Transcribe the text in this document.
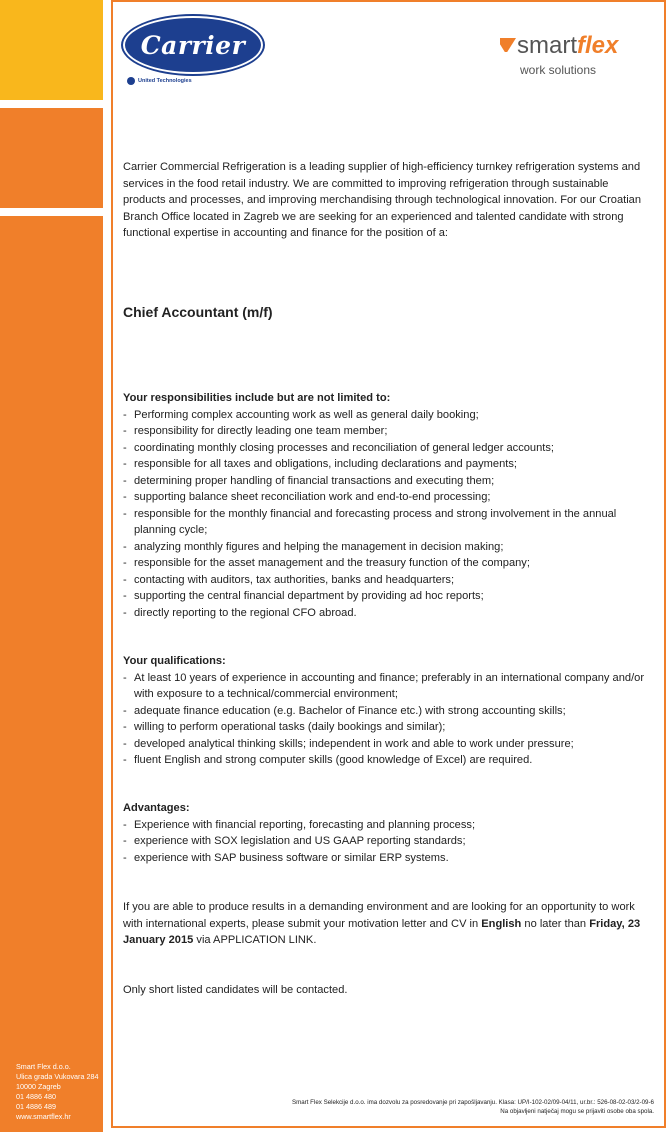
Carrier
United Technologies
smartflex
work solutions

Carrier Commercial Refrigeration is a leading supplier of high-efficiency turnkey refrigeration systems and services in the food retail industry. We are committed to improving refrigeration through sustainable products and processes, and improving merchandising through technological innovation. For our Croatian Branch Office located in Zagreb we are seeking for an experienced and talented candidate with strong functional expertise in accounting and finance for the position of a:

Chief Accountant (m/f)

Your responsibilities include but are not limited to:

- Performing complex accounting work as well as general daily booking;
- responsibility for directly leading one team member;
- coordinating monthly closing processes and reconciliation of general ledger accounts;
- responsible for all taxes and obligations, including declarations and payments;
- determining proper handling of financial transactions and executing them;
- supporting balance sheet reconciliation work and end-to-end processing;
- responsible for the monthly financial and forecasting process and strong involvement in the annual planning cycle;
- analyzing monthly figures and helping the management in decision making;
- responsible for the asset management and the treasury function of the company;
- contacting with auditors, tax authorities, banks and headquarters;
- supporting the central financial department by providing ad hoc reports;
- directly reporting to the regional CFO abroad.

Your qualifications:

- At least 10 years of experience in accounting and finance; preferably in an international company and/or with exposure to a technical/commercial environment;
- adequate finance education (e.g. Bachelor of Finance etc.) with strong accounting skills;
- willing to perform operational tasks (daily bookings and similar);
- developed analytical thinking skills; independent in work and able to work under pressure;
- fluent English and strong computer skills (good knowledge of Excel) are required.

Advantages:

- Experience with financial reporting, forecasting and planning process;
- experience with SOX legislation and US GAAP reporting standards;
- experience with SAP business software or similar ERP systems.

If you are able to produce results in a demanding environment and are looking for an opportunity to work with international experts, please submit your motivation letter and CV in English no later than Friday, 23 January 2015 via APPLICATION LINK.

Only short listed candidates will be contacted.

Smart Flex d.o.o.
Ulica grada Vukovara 284
10000 Zagreb
01 4886 480
01 4886 489
www.smartflex.hr
Smart Flex Selekcije d.o.o. ima dozvolu za posredovanje pri zapošljavanju. Klasa: UP/I-102-02/09-04/11, ur.br.: 526-08-02-03/2-09-6
Na objavljeni natječaj mogu se prijaviti osobe oba spola.
